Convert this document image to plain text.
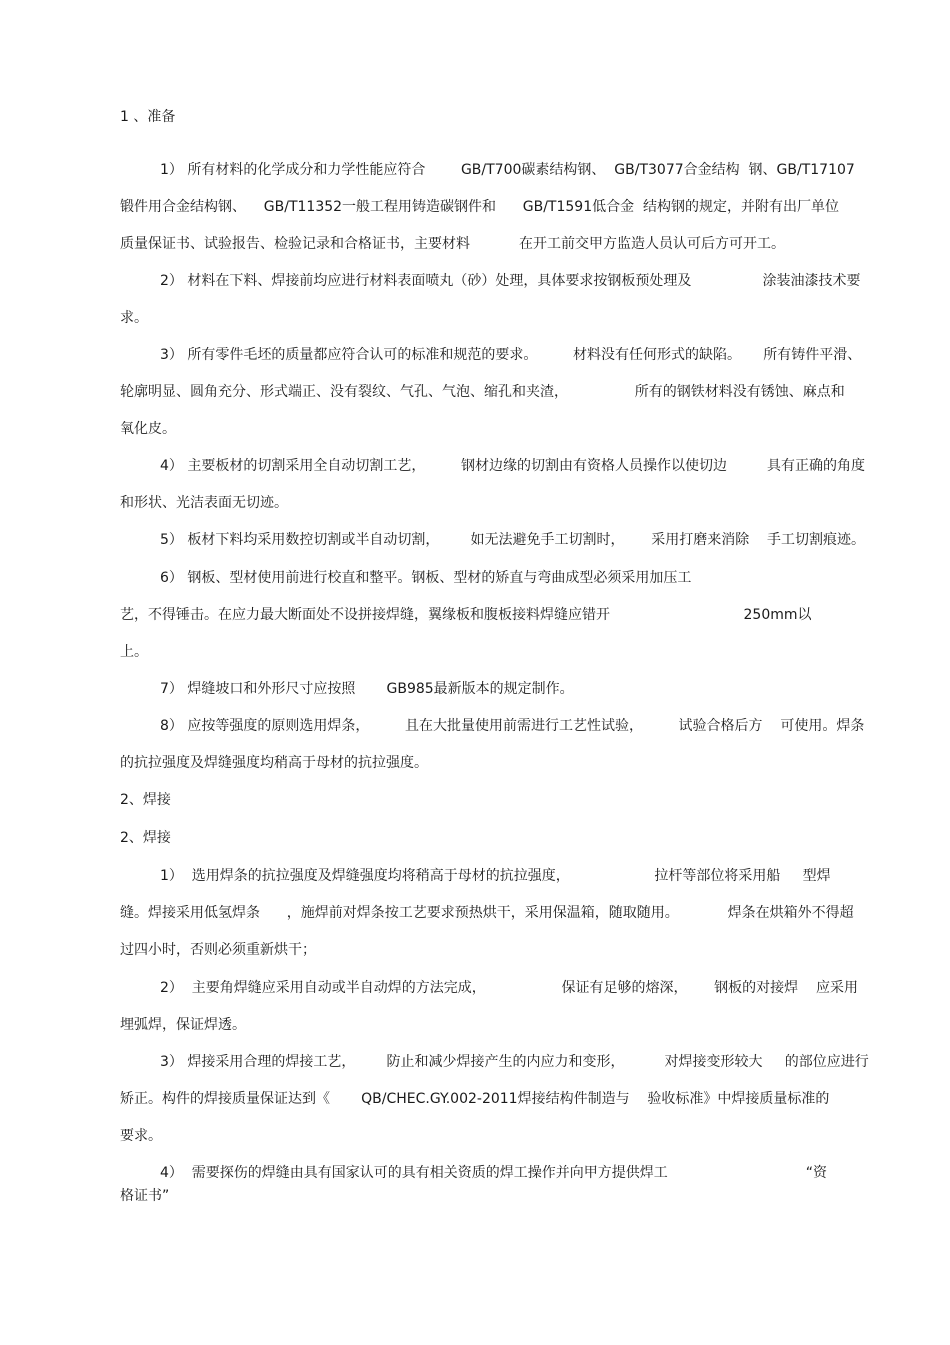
1 、准备
1） 所有材料的化学成分和力学性能应符合        GB/T700碳素结构钢、  GB/T3077合金结构  钢、GB/T17107
锻件用合金结构钢、    GB/T11352一般工程用铸造碳钢件和      GB/T1591低合金  结构钢的规定，并附有出厂单位
质量保证书、试验报告、检验记录和合格证书，主要材料           在开工前交甲方监造人员认可后方可开工。
2） 材料在下料、焊接前均应进行材料表面喷丸（砂）处理，具体要求按钢板预处理及                涂装油漆技术要
求。
3） 所有零件毛坯的质量都应符合认可的标准和规范的要求。        材料没有任何形式的缺陷。     所有铸件平滑、
轮廓明显、圆角充分、形式端正、没有裂纹、气孔、气泡、缩孔和夹渣，               所有的钢铁材料没有锈蚀、麻点和
氧化皮。
4） 主要板材的切割采用全自动切割工艺，        钢材边缘的切割由有资格人员操作以使切边         具有正确的角度
和形状、光洁表面无切迹。
5） 板材下料均采用数控切割或半自动切割，       如无法避免手工切割时，      采用打磨来消除    手工切割痕迹。
6） 钢板、型材使用前进行校直和整平。钢板、型材的矫直与弯曲成型必须采用加压工
艺，不得锤击。在应力最大断面处不设拼接焊缝，翼缘板和腹板接料焊缝应错开                              250mm以
上。
7） 焊缝坡口和外形尺寸应按照       GB985最新版本的规定制作。
8） 应按等强度的原则选用焊条，        且在大批量使用前需进行工艺性试验，        试验合格后方    可使用。焊条
的抗拉强度及焊缝强度均稍高于母材的抗拉强度。
2、焊接
2、焊接
1）  选用焊条的抗拉强度及焊缝强度均将稍高于母材的抗拉强度，                   拉杆等部位将采用船     型焊
缝。焊接采用低氢焊条      ，施焊前对焊条按工艺要求预热烘干，采用保温箱，随取随用。           焊条在烘箱外不得超
过四小时，否则必须重新烘干；
2）  主要角焊缝应采用自动或半自动焊的方法完成，                 保证有足够的熔深，      钢板的对接焊    应采用
埋弧焊，保证焊透。
3） 焊接采用合理的焊接工艺，       防止和减少焊接产生的内应力和变形，         对焊接变形较大     的部位应进行
矫正。构件的焊接质量保证达到《       QB/CHEC.GY.002-2011焊接结构件制造与    验收标准》中焊接质量标准的
要求。
4）  需要探伤的焊缝由具有国家认可的具有相关资质的焊工操作并向甲方提供焊工                               “资
格证书”
